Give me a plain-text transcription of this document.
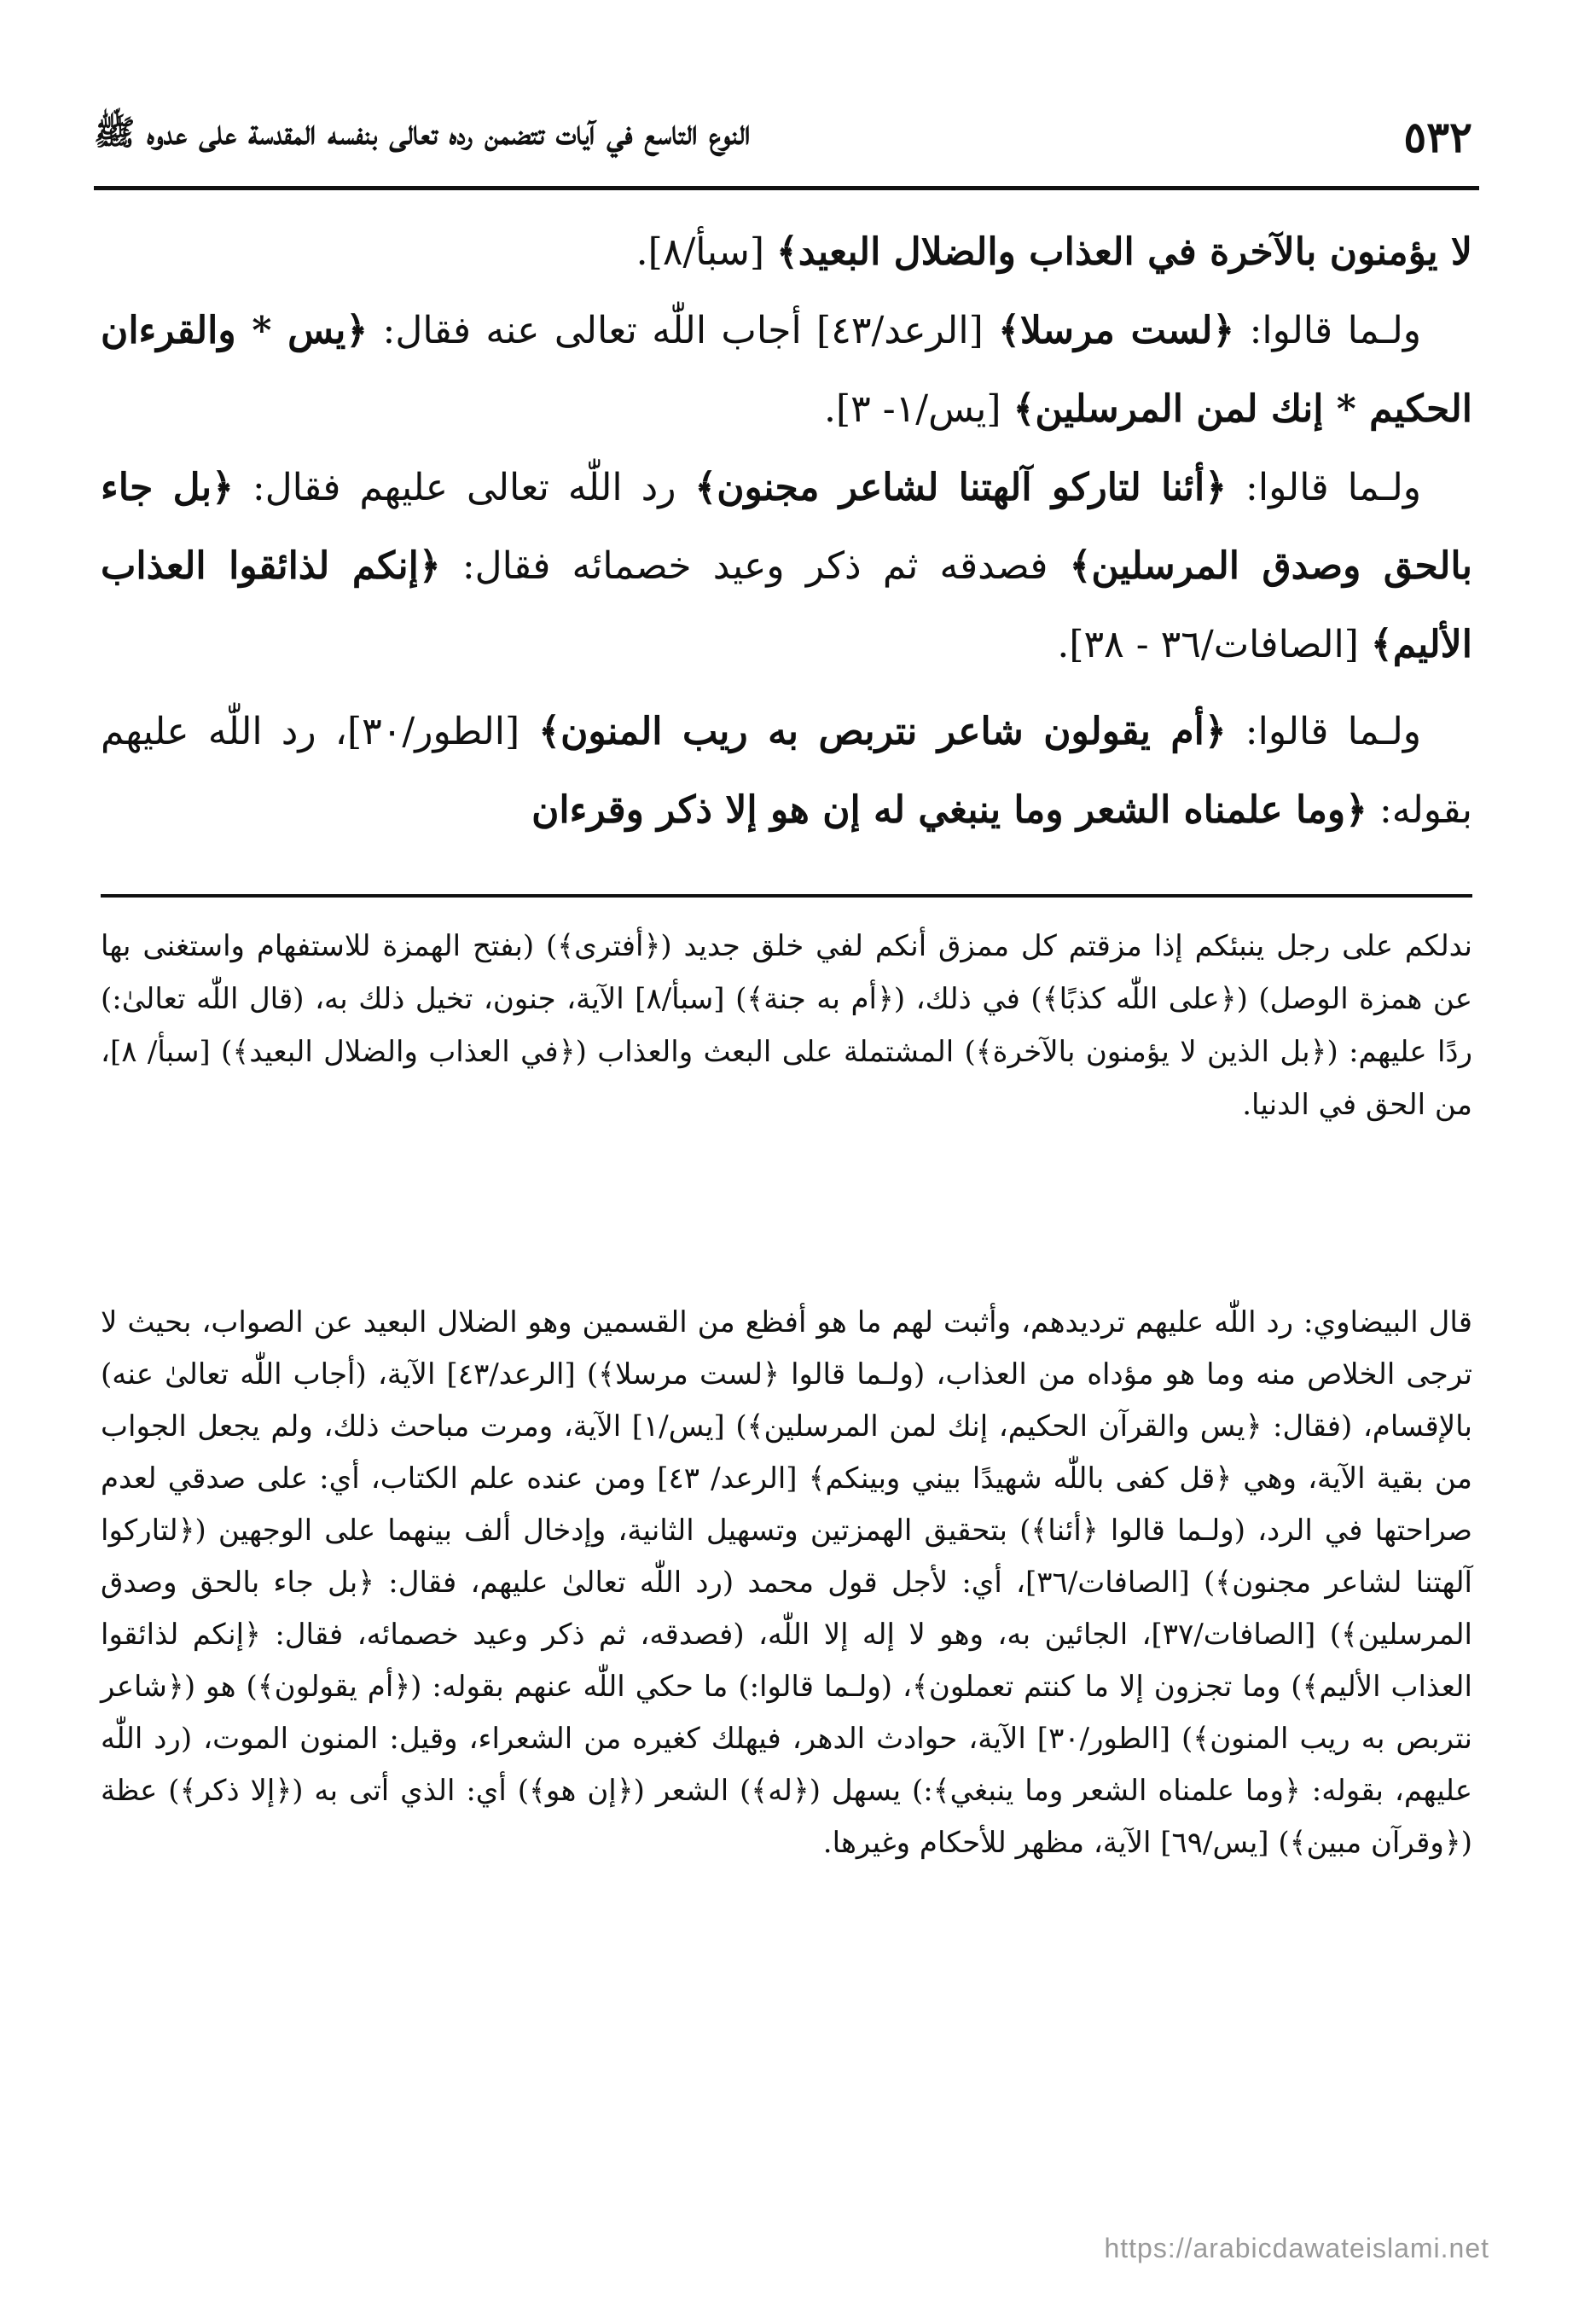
٥٣٢
النوع التاسع في آيات تتضمن رده تعالى بنفسه المقدسة على عدوه ﷺ

لا يؤمنون بالآخرة في العذاب والضلال البعيد﴾ [سبأ/٨].

ولـما قالوا: ﴿لست مرسلا﴾ [الرعد/٤٣] أجاب اللّٰه تعالى عنه فقال: ﴿يس * والقرءان الحكيم * إنك لمن المرسلين﴾ [يس/١- ٣].

ولـما قالوا: ﴿أئنا لتاركو آلهتنا لشاعر مجنون﴾ رد اللّٰه تعالى عليهم فقال: ﴿بل جاء بالحق وصدق المرسلين﴾ فصدقه ثم ذكر وعيد خصمائه فقال: ﴿إنكم لذائقوا العذاب الأليم﴾ [الصافات/٣٦ - ٣٨].

ولـما قالوا: ﴿أم يقولون شاعر نتربص به ريب المنون﴾ [الطور/٣٠]، رد اللّٰه عليهم بقوله: ﴿وما علمناه الشعر وما ينبغي له إن هو إلا ذكر وقرءان

ندلكم على رجل ينبئكم إذا مزقتم كل ممزق أنكم لفي خلق جديد (﴿أفترى﴾) (بفتح الهمزة للاستفهام واستغنى بها عن همزة الوصل) (﴿على اللّٰه كذبًا﴾) في ذلك، (﴿أم به جنة﴾) [سبأ/٨] الآية، جنون، تخيل ذلك به، (قال اللّٰه تعالىٰ:) ردًا عليهم: (﴿بل الذين لا يؤمنون بالآخرة﴾) المشتملة على البعث والعذاب (﴿في العذاب والضلال البعيد﴾) [سبأ/ ٨]، من الحق في الدنيا.

قال البيضاوي: رد اللّٰه عليهم ترديدهم، وأثبت لهم ما هو أفظع من القسمين وهو الضلال البعيد عن الصواب، بحيث لا ترجى الخلاص منه وما هو مؤداه من العذاب، (ولـما قالوا ﴿لست مرسلا﴾) [الرعد/٤٣] الآية، (أجاب اللّٰه تعالىٰ عنه) بالإقسام، (فقال: ﴿يس والقرآن الحكيم، إنك لمن المرسلين﴾) [يس/١] الآية، ومرت مباحث ذلك، ولم يجعل الجواب من بقية الآية، وهي ﴿قل كفى باللّٰه شهيدًا بيني وبينكم﴾ [الرعد/ ٤٣] ومن عنده علم الكتاب، أي: على صدقي لعدم صراحتها في الرد، (ولـما قالوا ﴿أئنا﴾) بتحقيق الهمزتين وتسهيل الثانية، وإدخال ألف بينهما على الوجهين (﴿لتاركوا آلهتنا لشاعر مجنون﴾) [الصافات/٣٦]، أي: لأجل قول محمد (رد اللّٰه تعالىٰ عليهم، فقال: ﴿بل جاء بالحق وصدق المرسلين﴾) [الصافات/٣٧]، الجائين به، وهو لا إله إلا اللّٰه، (فصدقه، ثم ذكر وعيد خصمائه، فقال: ﴿إنكم لذائقوا العذاب الأليم﴾) وما تجزون إلا ما كنتم تعملون﴾، (ولـما قالوا:) ما حكي اللّٰه عنهم بقوله: (﴿أم يقولون﴾) هو (﴿شاعر نتربص به ريب المنون﴾) [الطور/٣٠] الآية، حوادث الدهر، فيهلك كغيره من الشعراء، وقيل: المنون الموت، (رد اللّٰه عليهم، بقوله: ﴿وما علمناه الشعر وما ينبغي﴾:) يسهل (﴿له﴾) الشعر (﴿إن هو﴾) أي: الذي أتى به (﴿إلا ذكر﴾) عظة (﴿وقرآن مبين﴾) [يس/٦٩] الآية، مظهر للأحكام وغيرها.

https://arabicdawateislami.net
